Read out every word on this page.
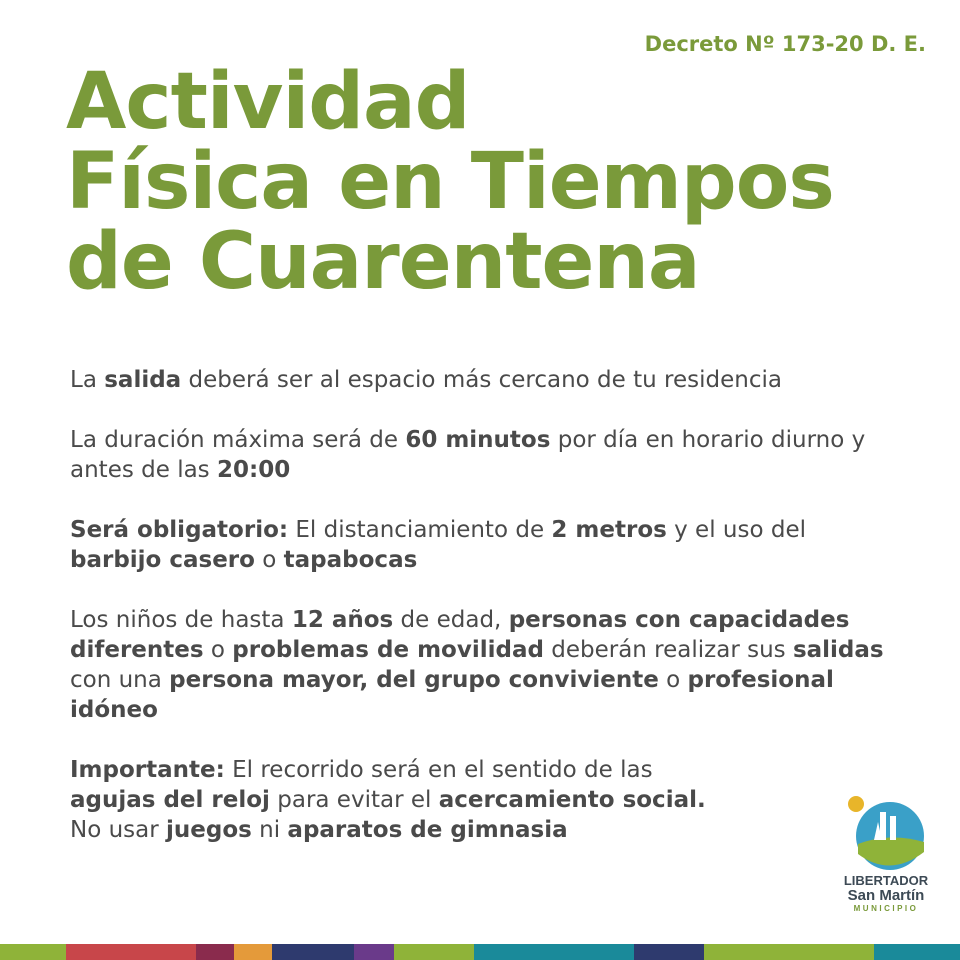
Decreto Nº 173-20 D. E.

Actividad
Física en Tiempos
de Cuarentena

La salida deberá ser al espacio más cercano de tu residencia

La duración máxima será de 60 minutos por día en horario diurno y antes de las 20:00

Será obligatorio: El distanciamiento de 2 metros y el uso del barbijo casero o tapabocas

Los niños de hasta 12 años de edad, personas con capacidades diferentes o problemas de movilidad deberán realizar sus salidas con una persona mayor, del grupo conviviente o profesional idóneo

Importante: El recorrido será en el sentido de las
agujas del reloj para evitar el acercamiento social.
No usar juegos ni aparatos de gimnasia

LIBERTADOR
San Martín
MUNICIPIO
